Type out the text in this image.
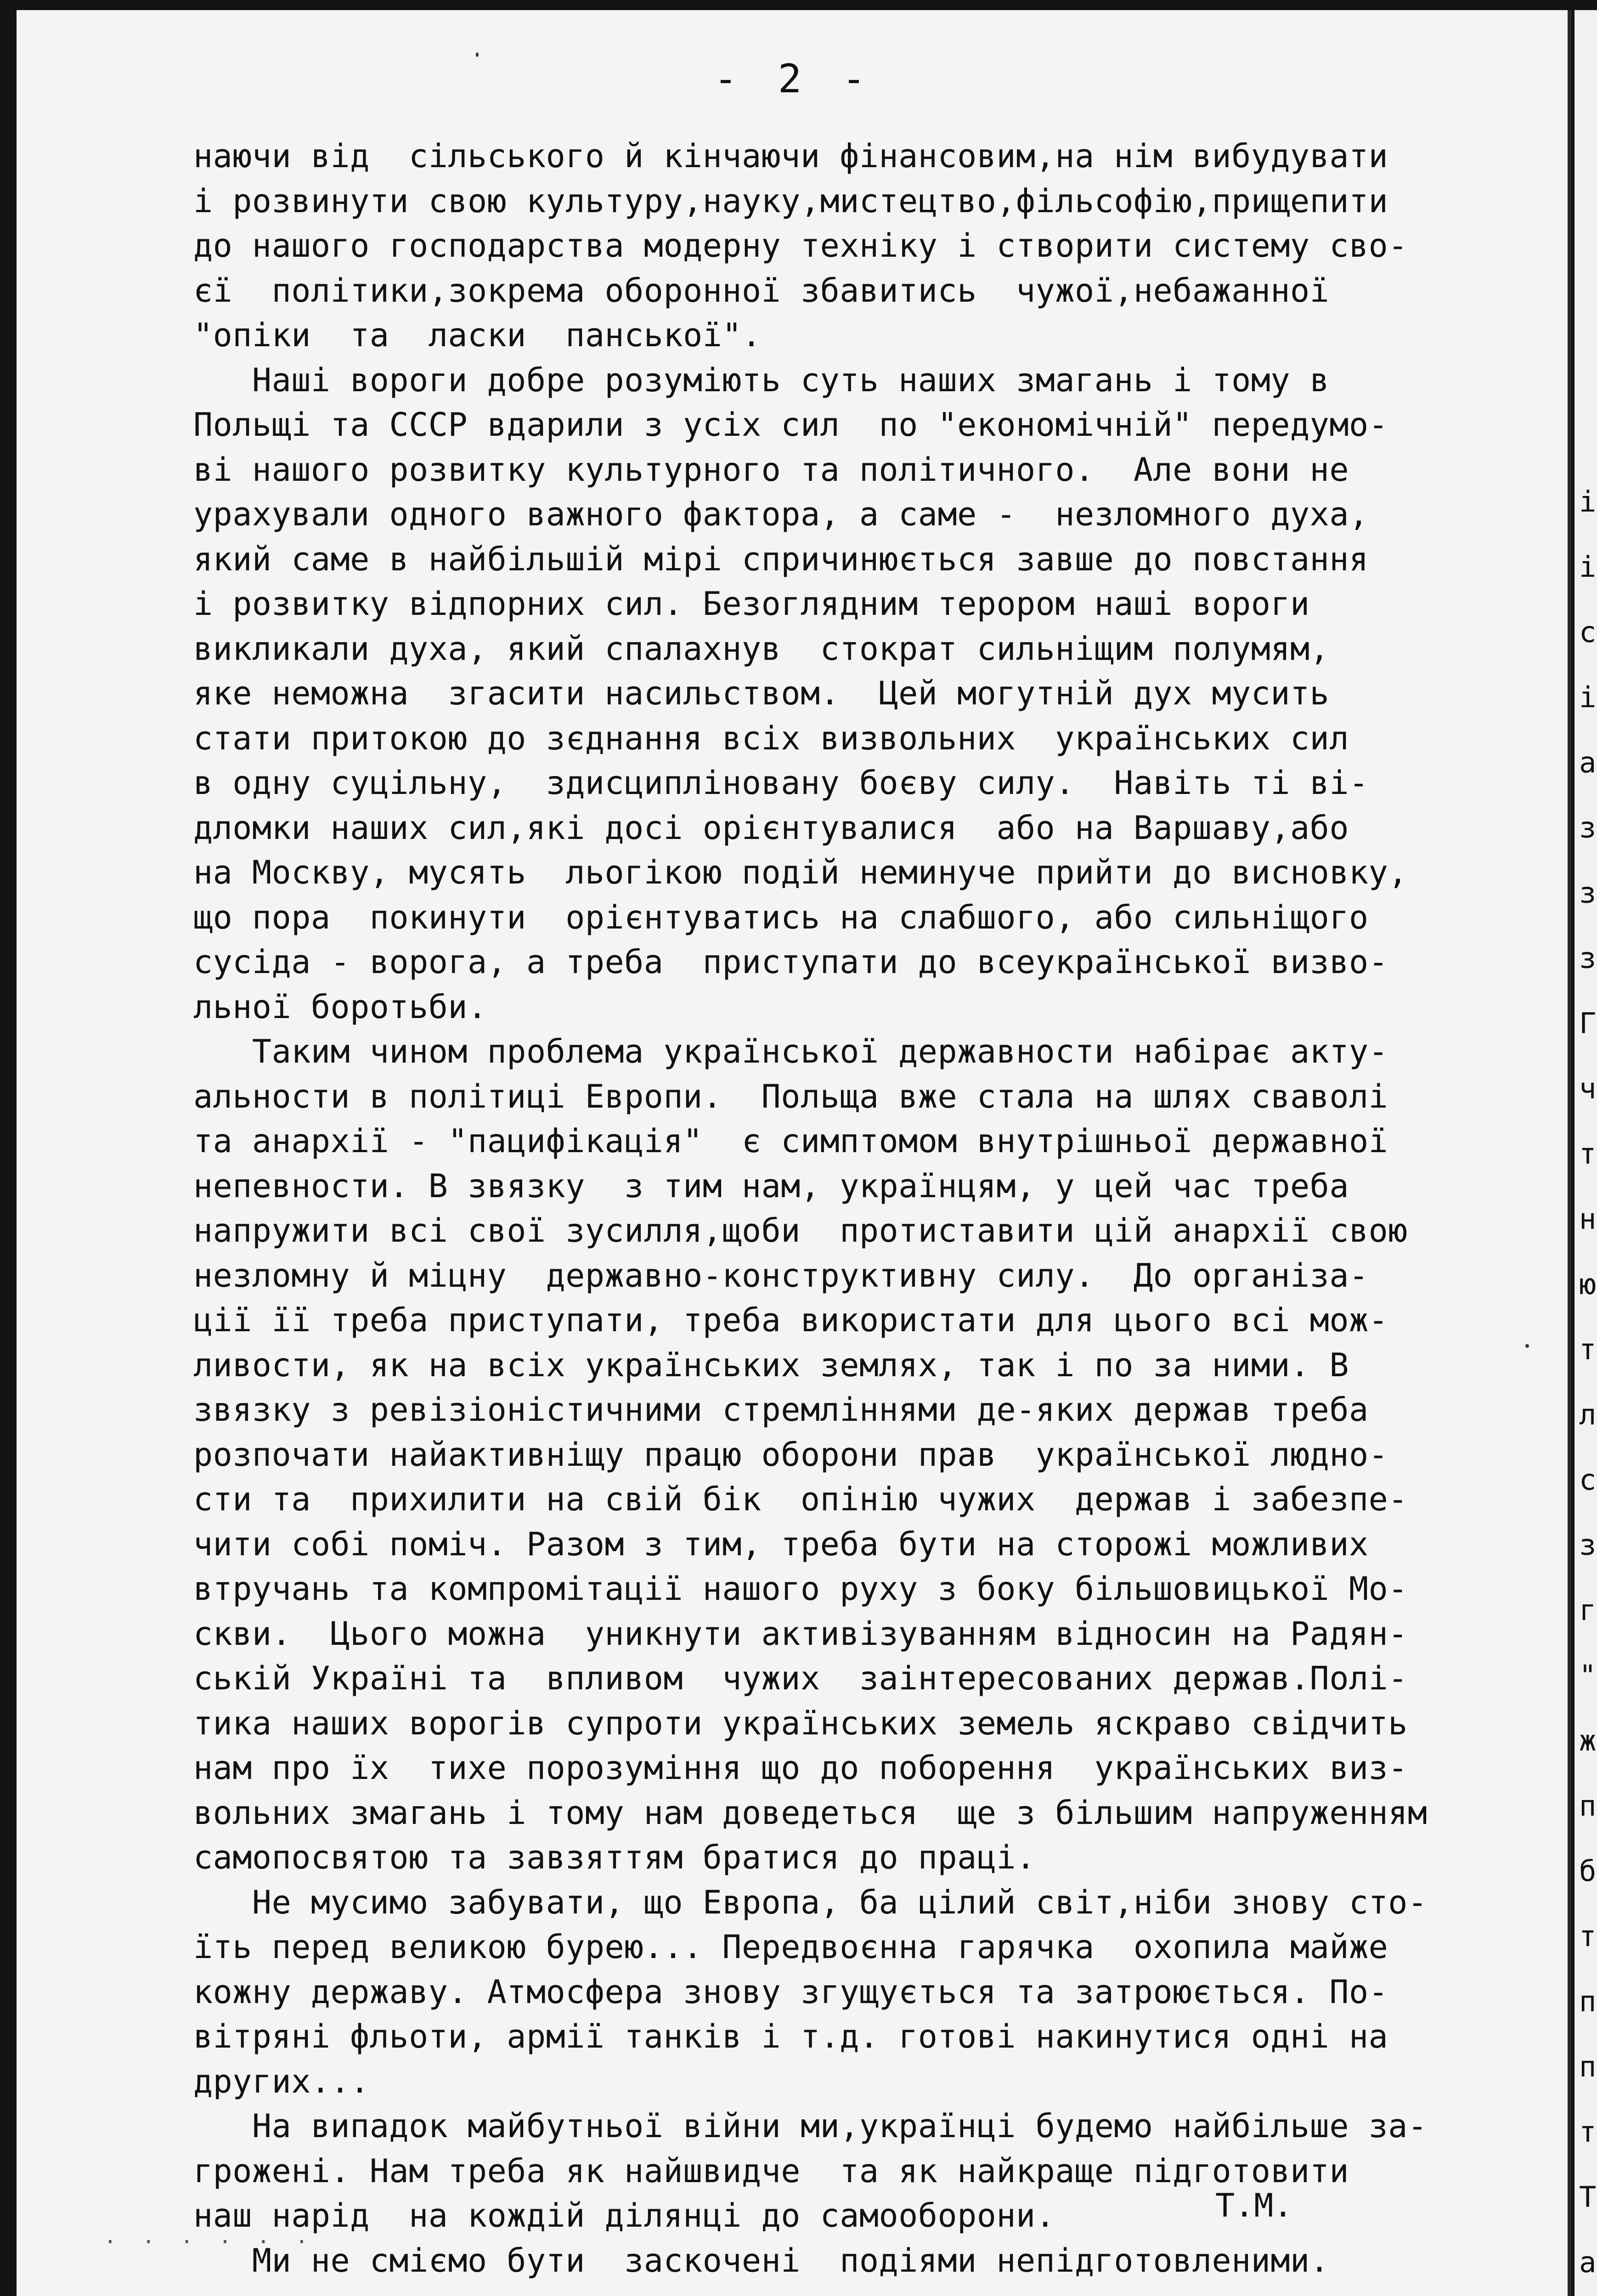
- 2 -
наючи від  сільського й кінчаючи фінансовим,на нім вибудувати
і розвинути свою культуру,науку,мистецтво,фільсофію,прищепити
до нашого господарства модерну техніку і створити систему сво-
єї  політики,зокрема оборонної збавитись  чужої,небажанної
"опіки  та  ласки  панської".
Наші вороги добре розуміють суть наших змагань і тому в
Польщі та СССР вдарили з усіх сил  по "економічній" передумо-
ві нашого розвитку культурного та політичного.  Але вони не
урахували одного важного фактора, а саме -  незломного духа,
який саме в найбільшій мірі спричинюється завше до повстання
і розвитку відпорних сил. Безоглядним терором наші вороги
викликали духа, який спалахнув  стократ сильніщим полумям,
яке неможна  згасити насильством.  Цей могутній дух мусить
стати притокою до зєднання всіх визвольних  українських сил
в одну суцільну,  здисциплінованy боєву силу.  Навіть ті ві-
дломки наших сил,які досі орієнтувалися  або на Варшаву,або
на Москву, мусять  льогікою подій неминуче прийти до висновку,
що пора  покинути  орієнтуватись на слабшого, або сильніщого
сусіда - ворога, а треба  приступати до всеукраїнської визво-
льної боротьби.
Таким чином проблема української державности набірає акту-
альности в політиці Европи.  Польща вже стала на шлях сваволі
та анархії - "пацифікація"  є симптомом внутрішньої державної
непевности. В звязку  з тим нам, українцям, у цей час треба
напружити всі свої зусилля,щоби  протиставити цій анархії свою
незломну й міцну  державно-конструктивну силу.  До організа-
ції її треба приступати, треба використати для цього всі мож-
ливости, як на всіх українських землях, так і по за ними. В
звязку з ревізіоністичними стремліннями де-яких держав треба
розпочати найактивніщу працю оборони прав  української людно-
сти та  прихилити на свій бік  опінію чужих  держав і забезпе-
чити собі поміч. Разом з тим, треба бути на сторожі можливих
втручань та компромітації нашого руху з боку більшовицької Мо-
скви.  Цього можна  уникнути активізуванням відносин на Радян-
ській Україні та  впливом  чужих  заінтересованих держав.Полі-
тика наших ворогів супроти українських земель яскраво свідчить
нам про їх  тихе порозуміння що до поборення  українських виз-
вольних змагань і тому нам доведеться  ще з більшим напруженням
самопосвятою та завзяттям братися до праці.
Не мусимо забувати, що Европа, ба цілий світ,ніби знову сто-
їть перед великою бурею... Передвоєнна гарячка  охопила майже
кожну державу. Атмосфера знову згущується та затроюється. По-
вітряні фльоти, армії танків і т.д. готові накинутися одні на
других...
На випадок майбутньої війни ми,українці будемо найбільше за-
грожені. Нам треба як найшвидче  та як найкраще підготовити
наш нарід  на кождій ділянці до самооборони.
Ми не сміємо бути  заскочені  подіями непідготовленими.
Т.М.
. . . . . .
і
і
с
і
а
з
з
з
Г
ч
т
н
ю
т
л
с
з
г
"
ж
п
б
т
п
п
т
Т
а
